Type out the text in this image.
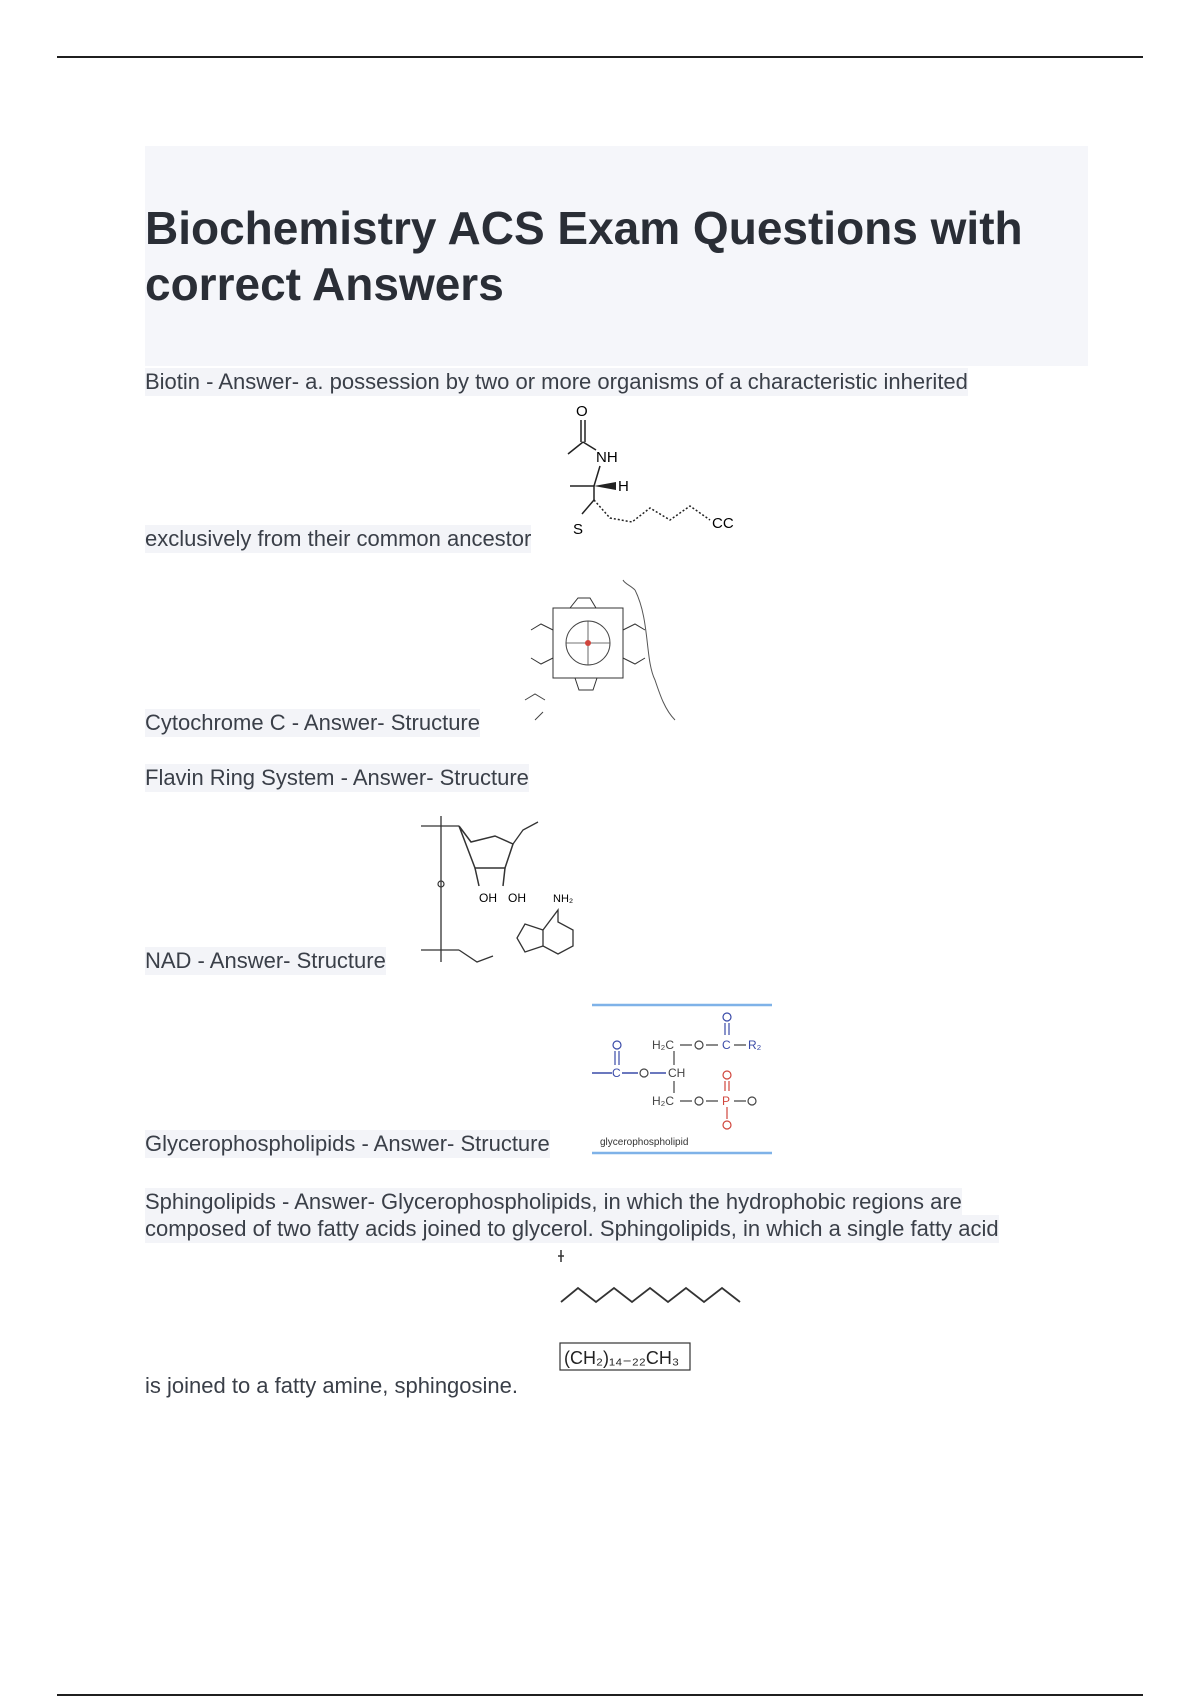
Biochemistry ACS Exam Questions with correct Answers
Biotin - Answer- a. possession by two or more organisms of a characteristic inherited
exclusively from their common ancestor
O
NH
H
S	CC
Cytochrome C - Answer- Structure
Flavin Ring System - Answer- Structure
NAD - Answer- Structure
OH OH NH₂
Glycerophospholipids - Answer- Structure
H₂C
CH
H₂C
R₂
C
C
P
glycerophospholipid
Sphingolipids - Answer- Glycerophospholipids, in which the hydrophobic regions are
composed of two fatty acids joined to glycerol. Sphingolipids, in which a single fatty acid
is joined to a fatty amine, sphingosine.
(CH₂)₁₄₋₂₂CH₃
